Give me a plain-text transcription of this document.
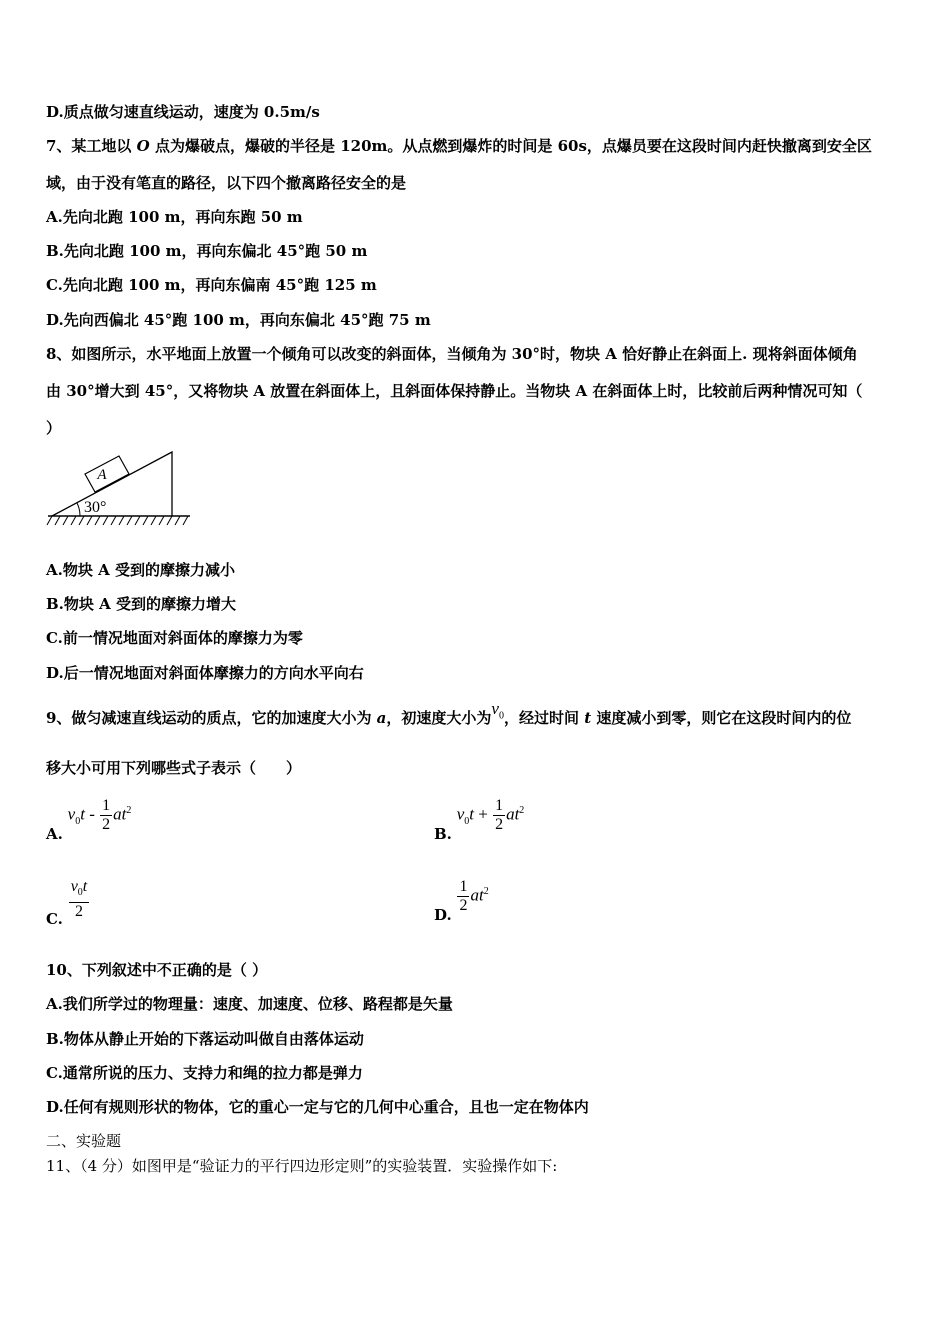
D.质点做匀速直线运动，速度为 0.5m/s
7、某工地以 O 点为爆破点，爆破的半径是 120m。从点燃到爆炸的时间是 60s，点爆员要在这段时间内赶快撤离到安全区
域，由于没有笔直的路径，以下四个撤离路径安全的是
A.先向北跑 100 m，再向东跑 50 m
B.先向北跑 100 m，再向东偏北 45°跑 50 m
C.先向北跑 100 m，再向东偏南 45°跑 125 m
D.先向西偏北 45°跑 100 m，再向东偏北 45°跑 75 m
8、如图所示，水平地面上放置一个倾角可以改变的斜面体，当倾角为 30°时，物块 A 恰好静止在斜面上. 现将斜面体倾角
由 30°增大到 45°，又将物块 A 放置在斜面体上，且斜面体保持静止。当物块 A 在斜面体上时，比较前后两种情况可知（
）
A
30°
A.物块 A 受到的摩擦力减小
B.物块 A 受到的摩擦力增大
C.前一情况地面对斜面体的摩擦力为零
D.后一情况地面对斜面体摩擦力的方向水平向右
9、做匀减速直线运动的质点，它的加速度大小为 a，初速度大小为$v_0$，经过时间 t 速度减小到零，则它在这段时间内的位
移大小可用下列哪些式子表示（　　）
A. $v_0t - \frac{1}{2} at^2$
B. $v_0t + \frac{1}{2} at^2$
C. $\frac{v_0t}{2}$	D.
$\frac{1}{2} at^2$
10、下列叙述中不正确的是（ ）
A.我们所学过的物理量：速度、加速度、位移、路程都是矢量
B.物体从静止开始的下落运动叫做自由落体运动
C.通常所说的压力、支持力和绳的拉力都是弹力
D.任何有规则形状的物体，它的重心一定与它的几何中心重合，且也一定在物体内
二、实验题
11、（4 分）如图甲是“验证力的平行四边形定则”的实验装置．实验操作如下:
